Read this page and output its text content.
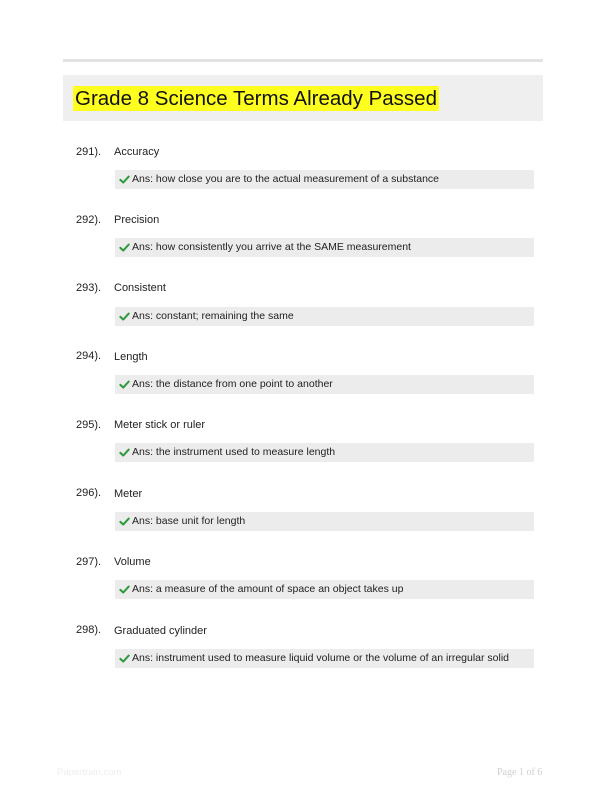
Grade 8 Science Terms Already Passed
291). Accuracy
Ans: how close you are to the actual measurement of a substance
292). Precision
Ans: how consistently you arrive at the SAME measurement
293). Consistent
Ans: constant; remaining the same
294). Length
Ans: the distance from one point to another
295). Meter stick or ruler
Ans: the instrument used to measure length
296). Meter
Ans: base unit for length
297). Volume
Ans: a measure of the amount of space an object takes up
298). Graduated cylinder
Ans: instrument used to measure liquid volume or the volume of an irregular solid
Papertrain.com	Page 1 of 6
